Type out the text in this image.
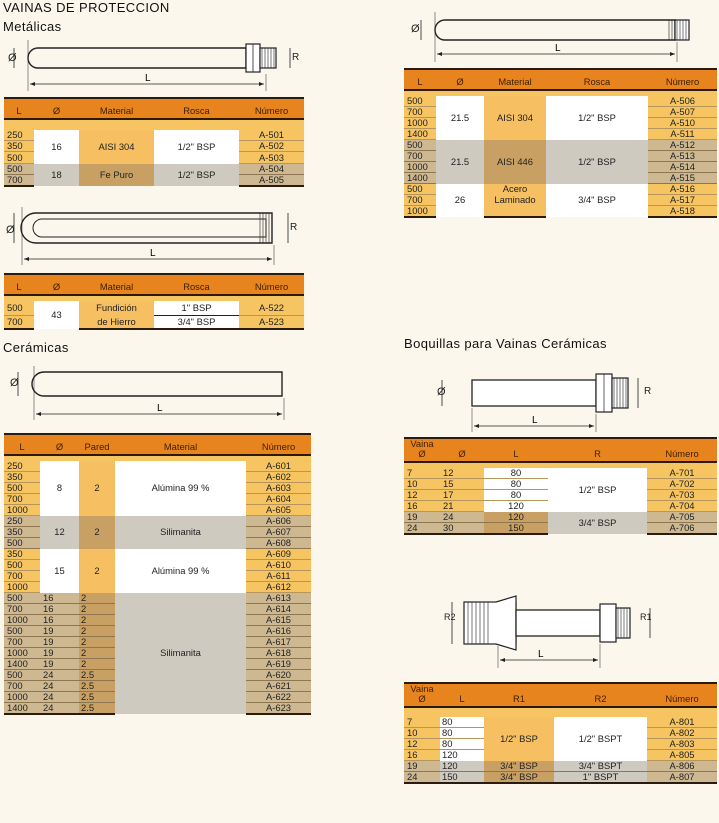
VAINAS DE PROTECCION
Metálicas
Cerámicas	Boquillas para Vainas Cerámicas
L
Ø	R
L	Ø	Material	Rosca	Número

250	16	AISI 304	1/2" BSP	A-501
350				A-502
500				A-503
500	18	Fe Puro	1/2" BSP	A-504
700				A-505
L
Ø	R
L	Ø	Material	Rosca	Número

500	43	Fundición	1" BSP	A-522
700		de Hierro	3/4" BSP	A-523
L
Ø
L	Ø	Material	Rosca	Número

500	21.5	AISI 304	1/2" BSP	A-506
700				A-507
1000				A-510
1400				A-511
500	21.5	AISI 446	1/2" BSP	A-512
700				A-513
1000				A-514
1400				A-515
500	26	Acero	3/4" BSP	A-516
700		Laminado		A-517
1000				A-518
L
Ø
L	Ø	Pared	Material	Número

250	8	2	Alúmina 99 %	A-601
350				A-602
500				A-603
700				A-604
1000				A-605
250	12	2	Silimanita	A-606
350				A-607
500				A-608
350	15	2	Alúmina 99 %	A-609
500				A-610
700				A-611
1000				A-612
500	16	2	Silimanita	A-613
700	16	2		A-614
1000	16	2		A-615
500	19	2		A-616
700	19	2		A-617
1000	19	2		A-618
1400	19	2		A-619
500	24	2.5		A-620
700	24	2.5		A-621
1000	24	2.5		A-622
1400	24	2.5		A-623
L
Ø	R
Vaina
Ø	Ø	L	R	Número

7	12	80	1/2" BSP	A-701
10	15	80		A-702
12	17	80		A-703
16	21	120		A-704
19	24	120	3/4" BSP	A-705
24	30	150		A-706
L
R2	R1
Vaina
Ø	L	R1	R2	Número

7	80	1/2" BSP	1/2" BSPT	A-801
10	80			A-802
12	80			A-803
16	120			A-805
19	120	3/4" BSP	3/4" BSPT	A-806
24	150	3/4" BSP	1" BSPT	A-807
